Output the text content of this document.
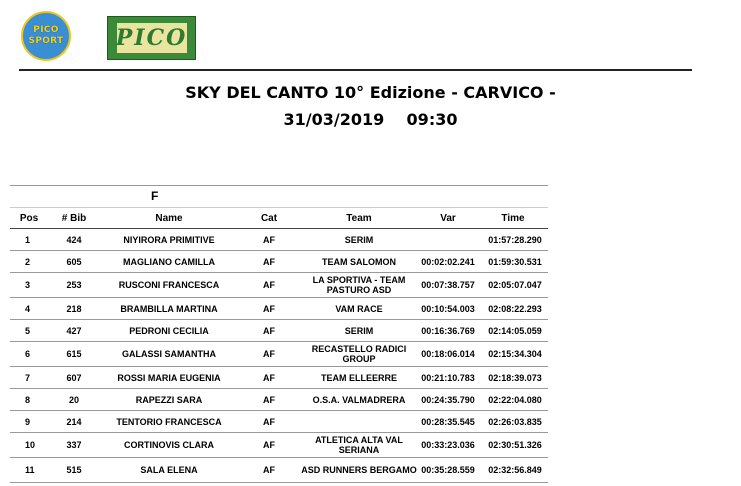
PICO
SPORT PICO
SKY DEL CANTO 10° Edizione - CARVICO -
31/03/2019    09:30
F
Pos	# Bib	Name	Cat	Team	Var	Time
1	424	NIYIRORA PRIMITIVE	AF	SERIM		01:57:28.290
2	605	MAGLIANO CAMILLA	AF	TEAM SALOMON	00:02:02.241	01:59:30.531
3	253	RUSCONI FRANCESCA	AF	LA SPORTIVA - TEAM PASTURO ASD	00:07:38.757	02:05:07.047
4	218	BRAMBILLA MARTINA	AF	VAM RACE	00:10:54.003	02:08:22.293
5	427	PEDRONI CECILIA	AF	SERIM	00:16:36.769	02:14:05.059
6	615	GALASSI SAMANTHA	AF	RECASTELLO RADICI GROUP	00:18:06.014	02:15:34.304
7	607	ROSSI MARIA EUGENIA	AF	TEAM ELLEERRE	00:21:10.783	02:18:39.073
8	20	RAPEZZI SARA	AF	O.S.A. VALMADRERA	00:24:35.790	02:22:04.080
9	214	TENTORIO FRANCESCA	AF		00:28:35.545	02:26:03.835
10	337	CORTINOVIS CLARA	AF	ATLETICA ALTA VAL SERIANA	00:33:23.036	02:30:51.326
11	515	SALA ELENA	AF	ASD RUNNERS BERGAMO	00:35:28.559	02:32:56.849
